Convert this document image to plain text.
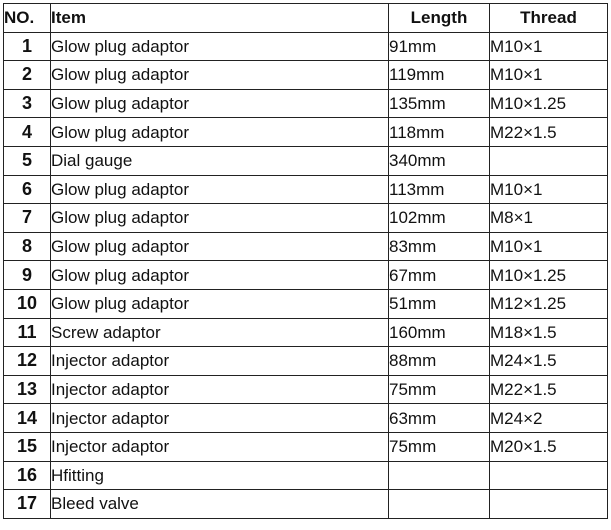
NO.	Item	Length	Thread
1	Glow plug adaptor	91mm	M10×1
2	Glow plug adaptor	119mm	M10×1
3	Glow plug adaptor	135mm	M10×1.25
4	Glow plug adaptor	118mm	M22×1.5
5	Dial gauge	340mm	
6	Glow plug adaptor	113mm	M10×1
7	Glow plug adaptor	102mm	M8×1
8	Glow plug adaptor	83mm	M10×1
9	Glow plug adaptor	67mm	M10×1.25
10	Glow plug adaptor	51mm	M12×1.25
11	Screw adaptor	160mm	M18×1.5
12	Injector adaptor	88mm	M24×1.5
13	Injector adaptor	75mm	M22×1.5
14	Injector adaptor	63mm	M24×2
15	Injector adaptor	75mm	M20×1.5
16	Hfitting		
17	Bleed valve		
